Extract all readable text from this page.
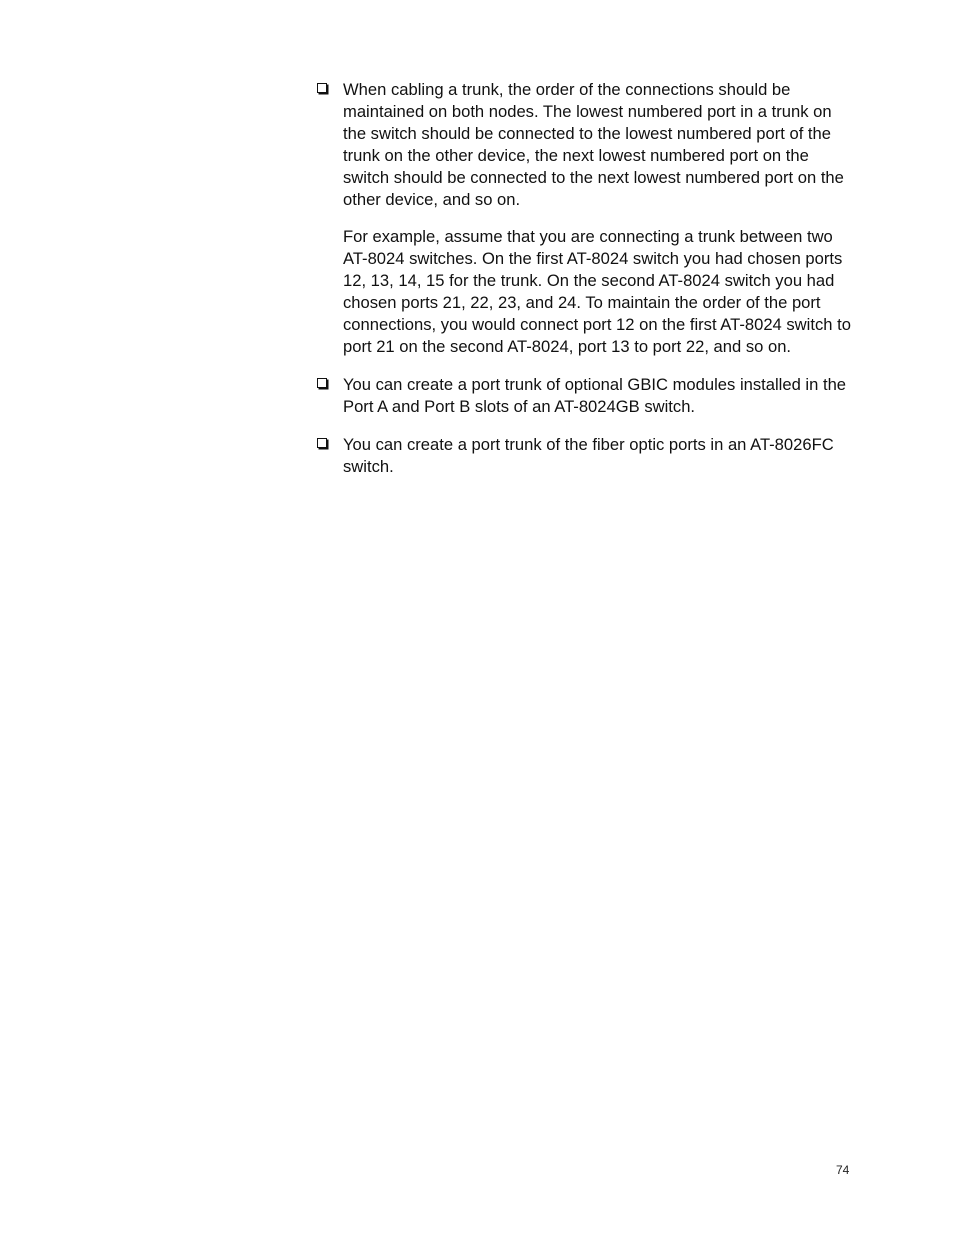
When cabling a trunk, the order of the connections should be maintained on both nodes. The lowest numbered port in a trunk on the switch should be connected to the lowest numbered port of the trunk on the other device, the next lowest numbered port on the switch should be connected to the next lowest numbered port on the other device, and so on.

For example, assume that you are connecting a trunk between two AT-8024 switches. On the first AT-8024 switch you had chosen ports 12, 13, 14, 15 for the trunk. On the second AT-8024 switch you had chosen ports 21, 22, 23, and 24. To maintain the order of the port connections, you would connect port 12 on the first AT-8024 switch to port 21 on the second AT-8024, port 13 to port 22, and so on.

You can create a port trunk of optional GBIC modules installed in the Port A and Port B slots of an AT-8024GB switch.

You can create a port trunk of the fiber optic ports in an AT-8026FC switch.

74
